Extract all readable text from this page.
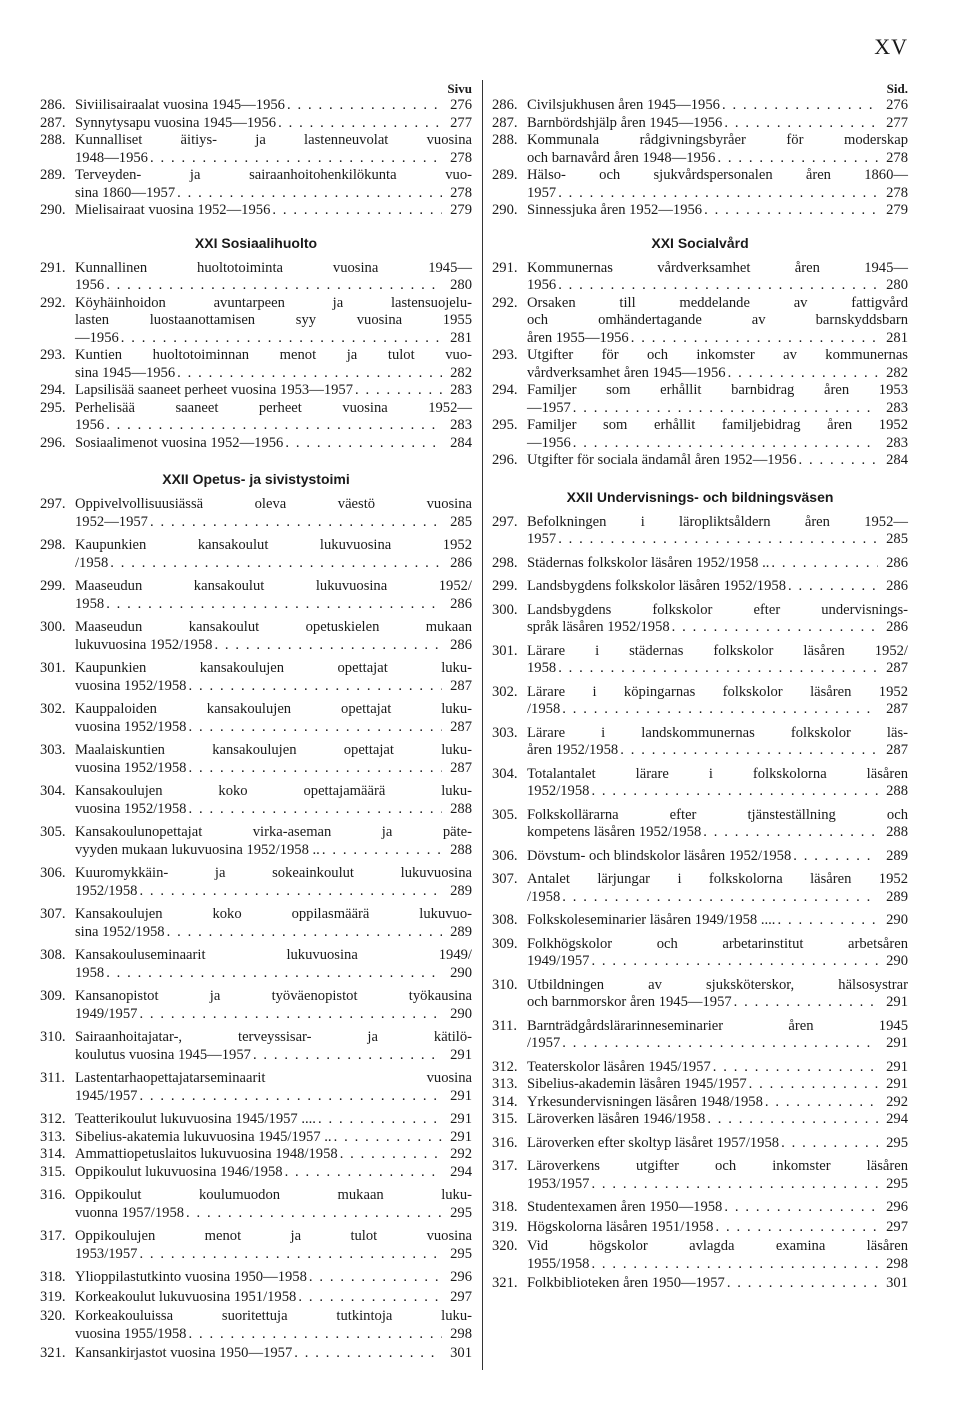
XV
Sivu
286. Siviilisairaalat vuosina 1945—1956 . . .	276
287. Synnytysapu vuosina 1945—1956 . . .	277
288. Kunnalliset äitiys- ja lastenneuvolat vuosina
1948—1956 . . .	278
289. Terveyden- ja sairaanhoitohenkilökunta vuo-
sina 1860—1957 . . .	278
290. Mielisairaat vuosina 1952—1956 . . .	279
XXI Sosiaalihuolto
291. Kunnallinen huoltotoiminta vuosina 1945—
1956 . . .	280
292. Köyhäinhoidon avuntarpeen ja lastensuojelu-
lasten luostaanottamisen syy vuosina 1955
—1956 . . .	281
293. Kuntien huoltotoiminnan menot ja tulot vuo-
sina 1945—1956 . . .	282
294. Lapsilisää saaneet perheet vuosina 1953—1957 . . .	283
295. Perhelisää saaneet perheet vuosina 1952—
1956 . . .	283
296. Sosiaalimenot vuosina 1952—1956 . . .	284
XXII Opetus- ja sivistystoimi
297. Oppivelvollisuusiässä oleva väestö vuosina
1952—1957 . . .	285
298. Kaupunkien kansakoulut lukuvuosina 1952
/1958 . . .	286
299. Maaseudun kansakoulut lukuvuosina 1952/
1958 . . .	286
300. Maaseudun kansakoulut opetuskielen mukaan
lukuvuosina 1952/1958 . . .	286
301. Kaupunkien kansakoulujen opettajat luku-
vuosina 1952/1958 . . .	287
302. Kauppaloiden kansakoulujen opettajat luku-
vuosina 1952/1958 . . .	287
303. Maalaiskuntien kansakoulujen opettajat luku-
vuosina 1952/1958 . . .	287
304. Kansakoulujen koko opettajamäärä luku-
vuosina 1952/1958 . . .	288
305. Kansakoulunopettajat virka-aseman ja päte-
vyyden mukaan lukuvuosina 1952/1958 .. . . .	288
306. Kuuromykkäin- ja sokeainkoulut lukuvuosina
1952/1958 . . .	289
307. Kansakoulujen koko oppilasmäärä lukuvuo-
sina 1952/1958 . . .	289
308. Kansakouluseminaarit lukuvuosina 1949/
1958 . . .	290
309. Kansanopistot ja työväenopistot työkausina
1949/1957 . . .	290
310. Sairaanhoitajatar-, terveyssisar- ja kätilö-
koulutus vuosina 1945—1957 . . .	291
311. Lastentarhaopettajatarseminaarit vuosina
1945/1957 . . .	291
312. Teatterikoulut lukuvuosina 1945/1957 .... . . .	291
313. Sibelius-akatemia lukuvuosina 1945/1957 .. . . .	291
314. Ammattiopetuslaitos lukuvuosina 1948/1958 . . .	292
315. Oppikoulut lukuvuosina 1946/1958 . . .	294
316. Oppikoulut koulumuodon mukaan luku-
vuonna 1957/1958 . . .	295
317. Oppikoulujen menot ja tulot vuosina
1953/1957 . . .	295
318. Ylioppilastutkinto vuosina 1950—1958 . . .	296
319. Korkeakoulut lukuvuosina 1951/1958 . . .	297
320. Korkeakouluissa suoritettuja tutkintoja luku-
vuosina 1955/1958 . . .	298
321. Kansankirjastot vuosina 1950—1957 . . .	301
Sid.
286. Civilsjukhusen åren 1945—1956 . . .	276
287. Barnbördshjälp åren 1945—1956 . . .	277
288. Kommunala rådgivningsbyråer för moderskap
och barnavård åren 1948—1956 . . .	278
289. Hälso- och sjukvårdspersonalen åren 1860—
1957 . . .	278
290. Sinnessjuka åren 1952—1956 . . .	279
XXI Socialvård
291. Kommunernas vårdverksamhet åren 1945—
1956 . . .	280
292. Orsaken till meddelande av fattigvård
och omhändertagande av barnskyddsbarn
åren 1955—1956 . . .	281
293. Utgifter för och inkomster av kommunernas
vårdverksamhet åren 1945—1956 . . .	282
294. Familjer som erhållit barnbidrag åren 1953
—1957 . . .	283
295. Familjer som erhållit familjebidrag åren 1952
—1956 . . .	283
296. Utgifter för sociala ändamål åren 1952—1956 . . .	284
XXII Undervisnings- och bildningsväsen
297. Befolkningen i läropliktsåldern åren 1952—
1957 . . .	285
298. Städernas folkskolor läsåren 1952/1958 .. . . .	286
299. Landsbygdens folkskolor läsåren 1952/1958 . . .	286
300. Landsbygdens folkskolor efter undervisnings-
språk läsåren 1952/1958 . . .	286
301. Lärare i städernas folkskolor läsåren 1952/
1958 . . .	287
302. Lärare i köpingarnas folkskolor läsåren 1952
/1958 . . .	287
303. Lärare i landskommunernas folkskolor läs-
åren 1952/1958 . . .	287
304. Totalantalet lärare i folkskolorna läsåren
1952/1958 . . .	288
305. Folkskollärarna efter tjänsteställning och
kompetens läsåren 1952/1958 . . .	288
306. Dövstum- och blindskolor läsåren 1952/1958 . . .	289
307. Antalet lärjungar i folkskolorna läsåren 1952
/1958 . . .	289
308. Folkskoleseminarier läsåren 1949/1958 .... . . .	290
309. Folkhögskolor och arbetarinstitut arbetsåren
1949/1957 . . .	290
310. Utbildningen av sjuksköterskor, hälsosystrar
och barnmorskor åren 1945—1957 . . .	291
311. Barnträdgårdslärarinneseminarier åren 1945
/1957 . . .	291
312. Teaterskolor läsåren 1945/1957 . . .	291
313. Sibelius-akademin läsåren 1945/1957 . . .	291
314. Yrkesundervisningen läsåren 1948/1958 . . .	292
315. Läroverken läsåren 1946/1958 . . .	294
316. Läroverken efter skoltyp läsåret 1957/1958 . . .	295
317. Läroverkens utgifter och inkomster läsåren
1953/1957 . . .	295
318. Studentexamen åren 1950—1958 . . .	296
319. Högskolorna läsåren 1951/1958 . . .	297
320. Vid högskolor avlagda examina läsåren
1955/1958 . . .	298
321. Folkbiblioteken åren 1950—1957 . . .	301
